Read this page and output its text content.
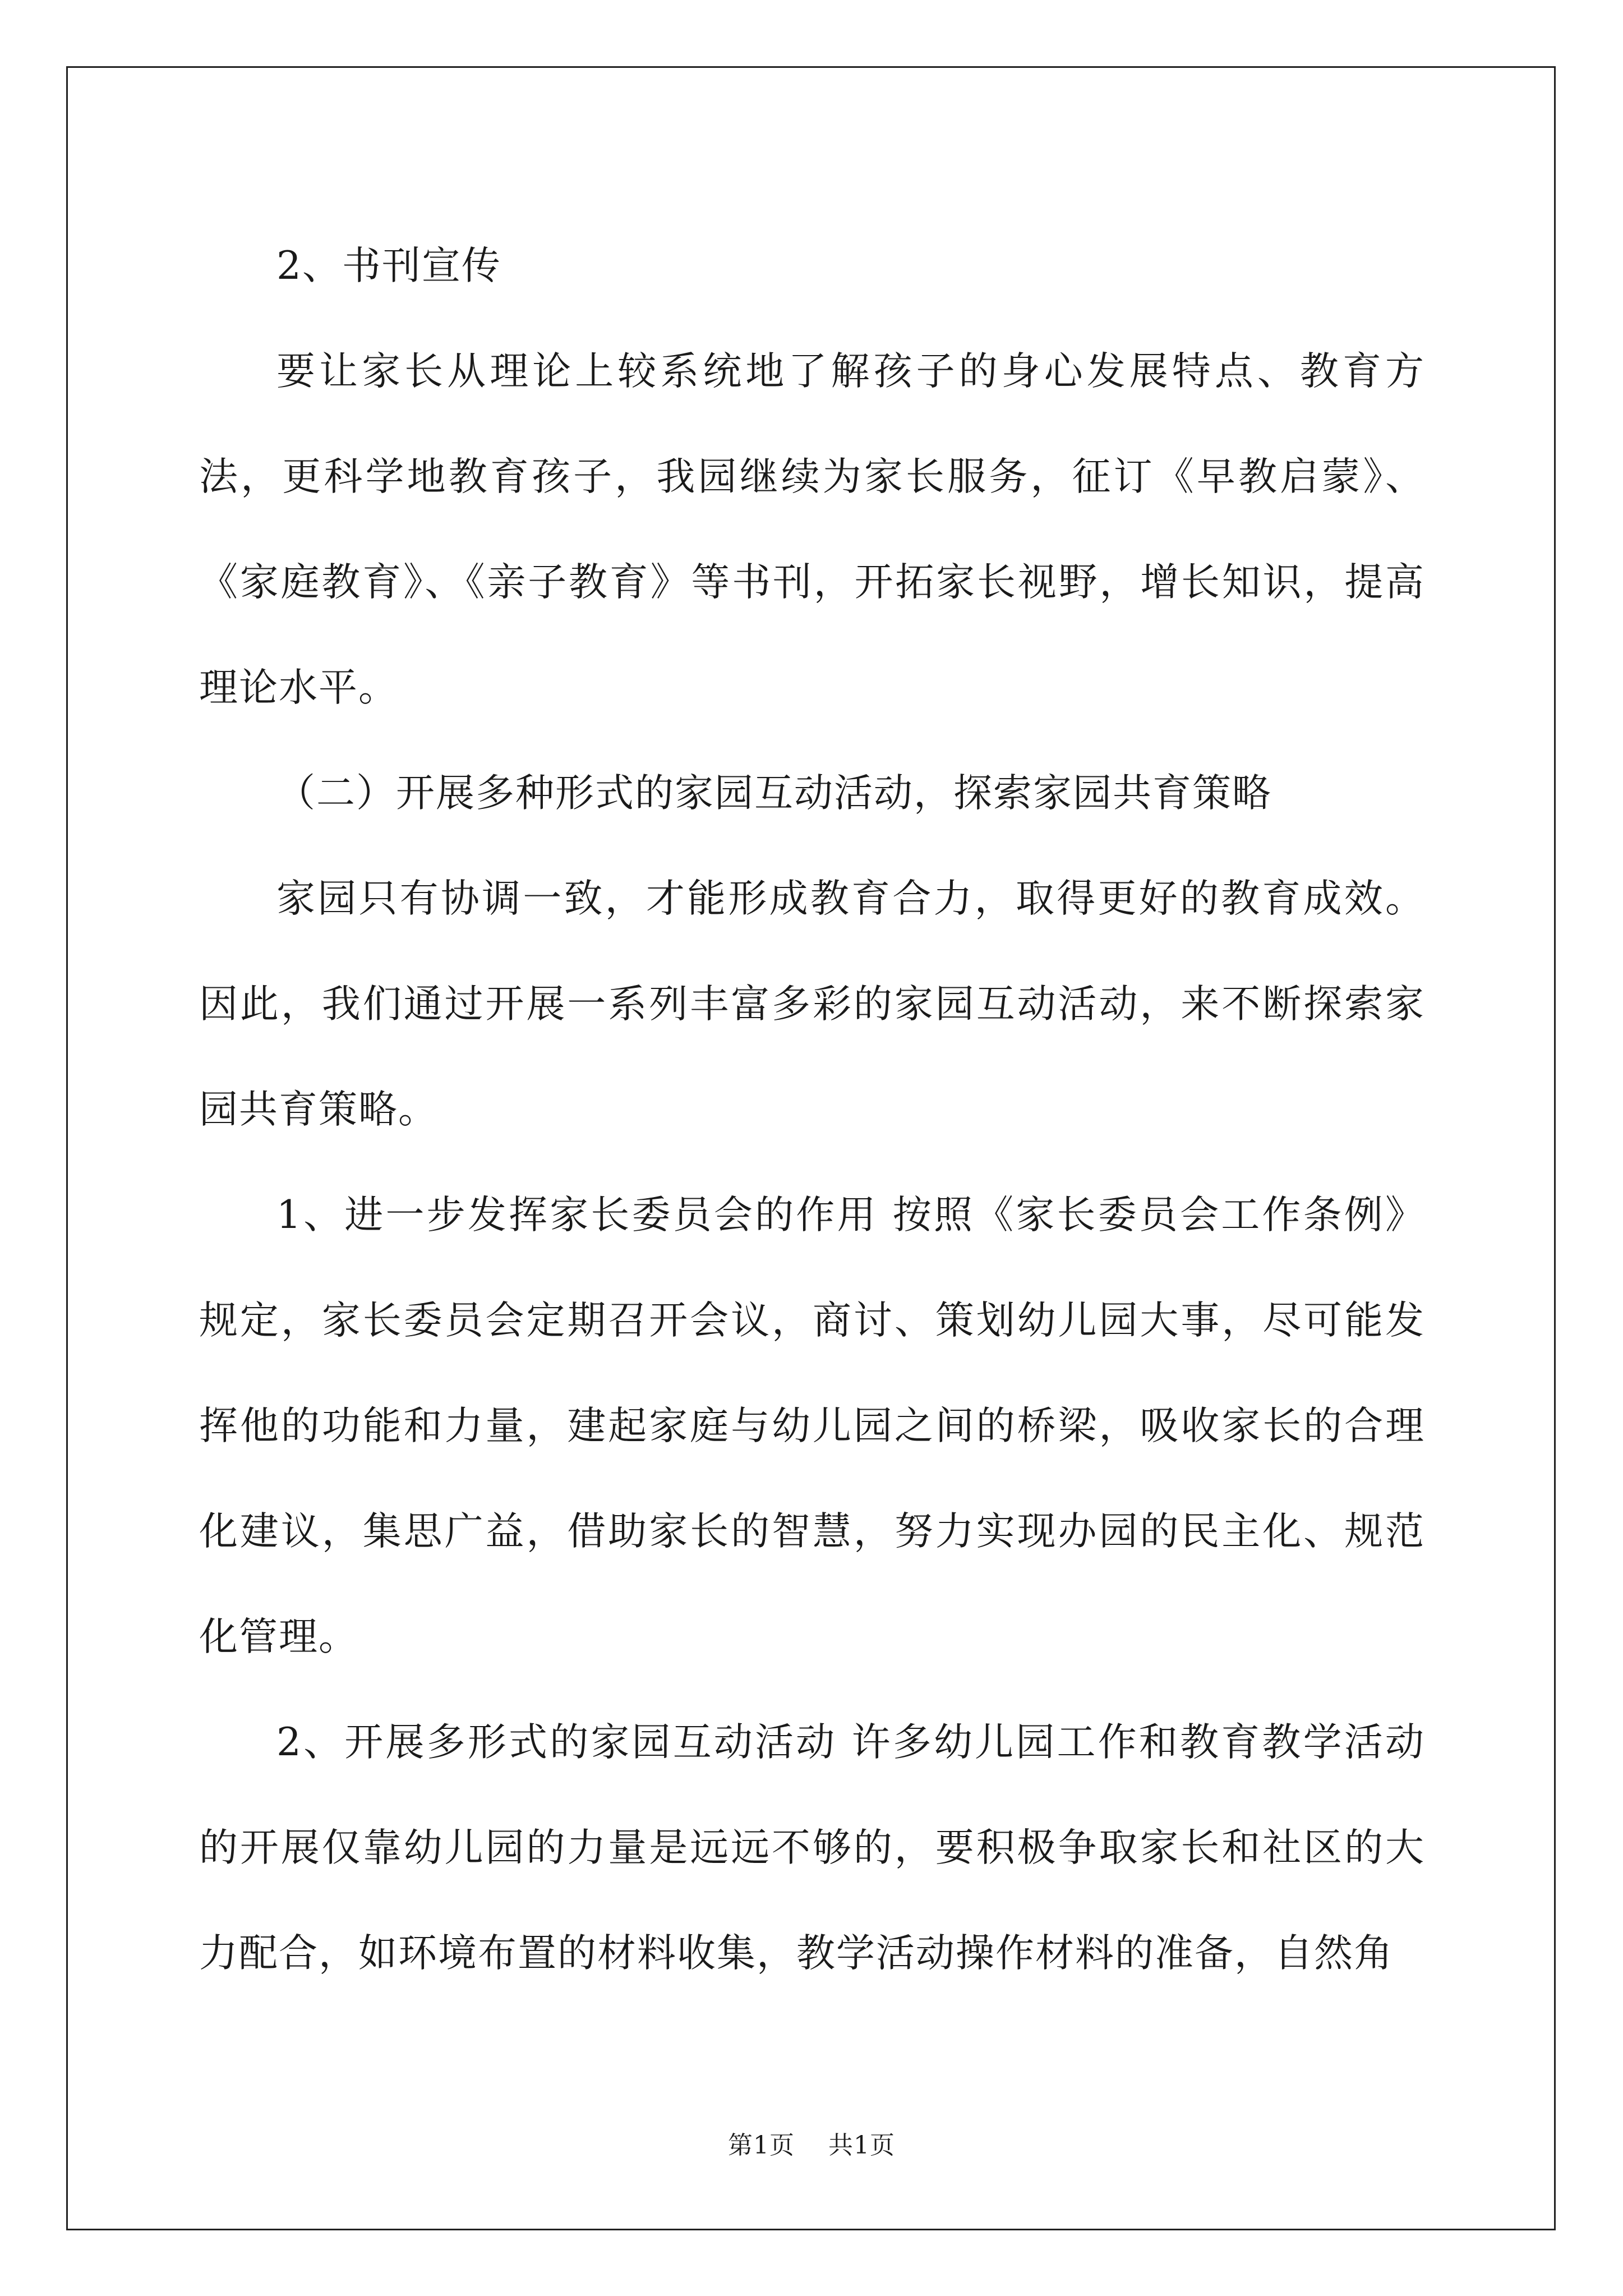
2、书刊宣传

要让家长从理论上较系统地了解孩子的身心发展特点、教育方法，更科学地教育孩子，我园继续为家长服务，征订《早教启蒙》、《家庭教育》、《亲子教育》等书刊，开拓家长视野，增长知识，提高理论水平。

（二）开展多种形式的家园互动活动，探索家园共育策略

家园只有协调一致，才能形成教育合力，取得更好的教育成效。因此，我们通过开展一系列丰富多彩的家园互动活动，来不断探索家园共育策略。

1、进一步发挥家长委员会的作用 按照《家长委员会工作条例》规定，家长委员会定期召开会议，商讨、策划幼儿园大事，尽可能发挥他的功能和力量，建起家庭与幼儿园之间的桥梁，吸收家长的合理化建议，集思广益，借助家长的智慧，努力实现办园的民主化、规范化管理。

2、开展多形式的家园互动活动 许多幼儿园工作和教育教学活动的开展仅靠幼儿园的力量是远远不够的，要积极争取家长和社区的大力配合，如环境布置的材料收集，教学活动操作材料的准备，自然角

第1页 共1页
